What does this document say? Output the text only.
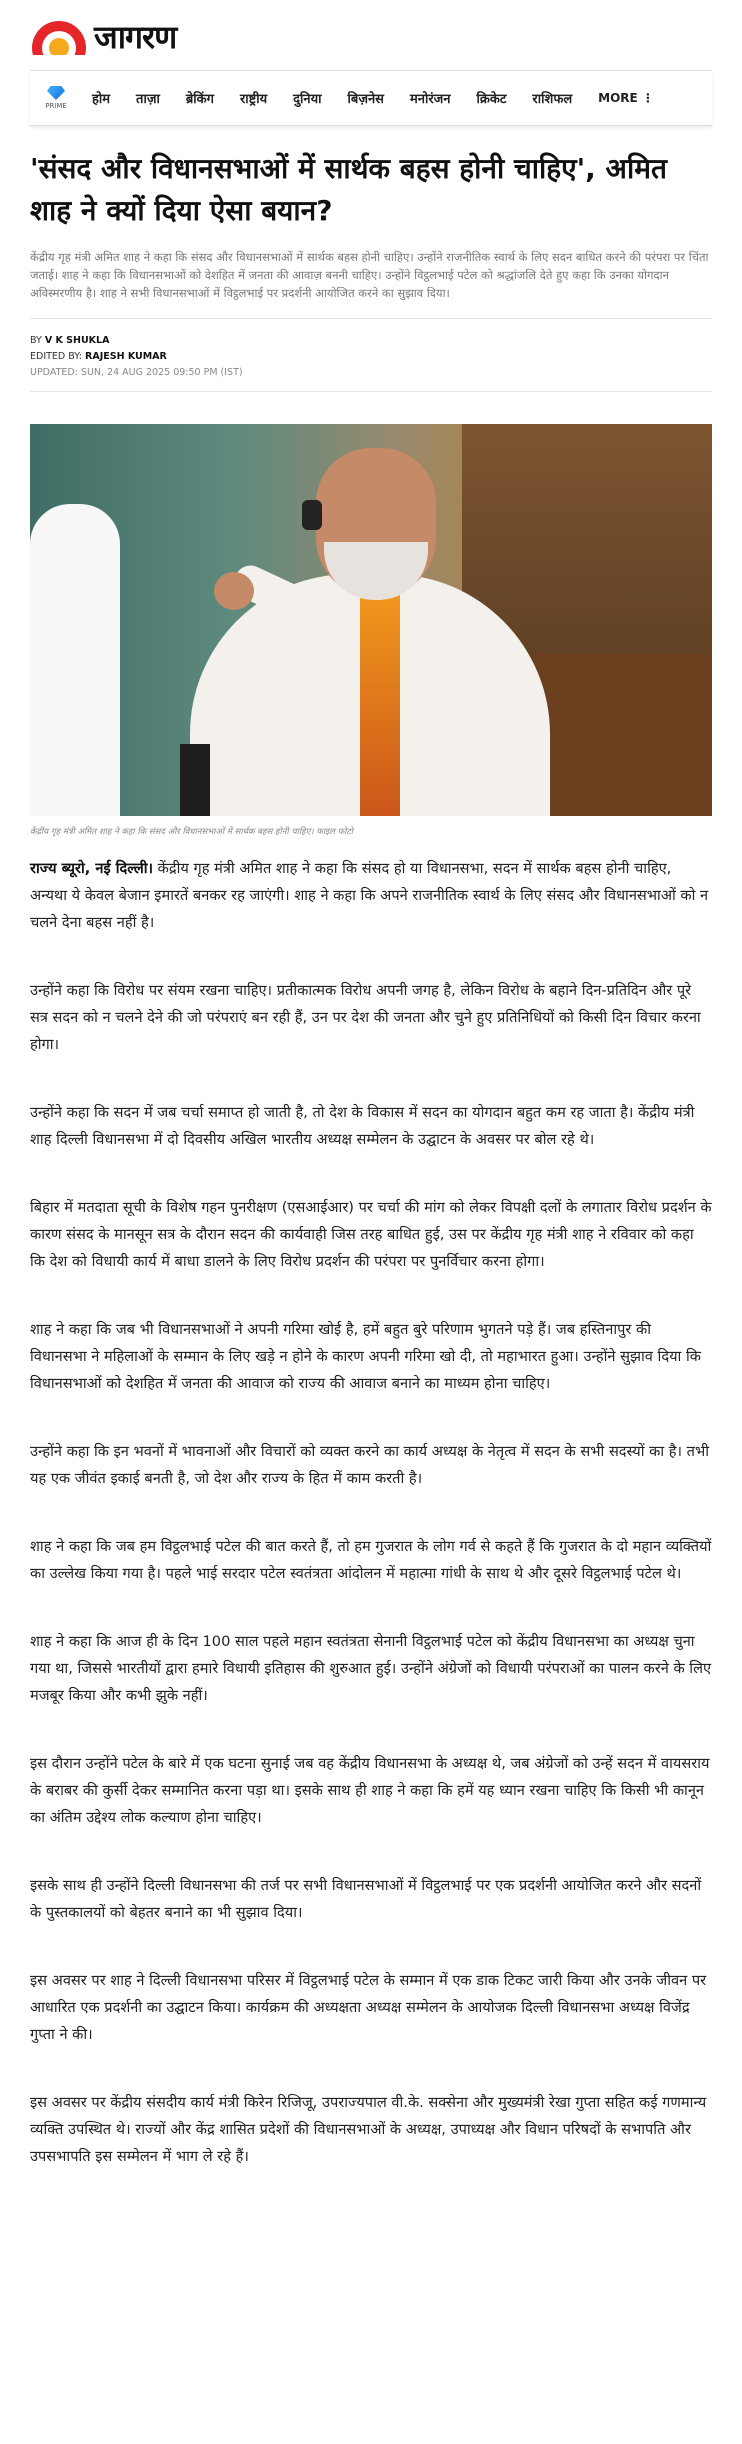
जागरण
PRIME होम ताज़ा ब्रेकिंग राष्ट्रीय दुनिया बिज़नेस मनोरंजन क्रिकेट राशिफल MORE ⋮
'संसद और विधानसभाओं में सार्थक बहस होनी चाहिए', अमित शाह ने क्यों दिया ऐसा बयान?

केंद्रीय गृह मंत्री अमित शाह ने कहा कि संसद और विधानसभाओं में सार्थक बहस होनी चाहिए। उन्होंने राजनीतिक स्वार्थ के लिए सदन बाधित करने की परंपरा पर चिंता जताई। शाह ने कहा कि विधानसभाओं को देशहित में जनता की आवाज़ बननी चाहिए। उन्होंने विट्ठलभाई पटेल को श्रद्धांजलि देते हुए कहा कि उनका योगदान अविस्मरणीय है। शाह ने सभी विधानसभाओं में विट्ठलभाई पर प्रदर्शनी आयोजित करने का सुझाव दिया।

BY V K SHUKLA
EDITED BY: RAJESH KUMAR
UPDATED: SUN, 24 AUG 2025 09:50 PM (IST)

केंद्रीय गृह मंत्री अमित शाह ने कहा कि संसद और विधानसभाओं में सार्थक बहस होनी चाहिए। फाइल फोटो

राज्य ब्यूरो, नई दिल्ली। केंद्रीय गृह मंत्री अमित शाह ने कहा कि संसद हो या विधानसभा, सदन में सार्थक बहस होनी चाहिए, अन्यथा ये केवल बेजान इमारतें बनकर रह जाएंगी। शाह ने कहा कि अपने राजनीतिक स्वार्थ के लिए संसद और विधानसभाओं को न चलने देना बहस नहीं है।

उन्होंने कहा कि विरोध पर संयम रखना चाहिए। प्रतीकात्मक विरोध अपनी जगह है, लेकिन विरोध के बहाने दिन-प्रतिदिन और पूरे सत्र सदन को न चलने देने की जो परंपराएं बन रही हैं, उन पर देश की जनता और चुने हुए प्रतिनिधियों को किसी दिन विचार करना होगा।

उन्होंने कहा कि सदन में जब चर्चा समाप्त हो जाती है, तो देश के विकास में सदन का योगदान बहुत कम रह जाता है। केंद्रीय मंत्री शाह दिल्ली विधानसभा में दो दिवसीय अखिल भारतीय अध्यक्ष सम्मेलन के उद्घाटन के अवसर पर बोल रहे थे।

बिहार में मतदाता सूची के विशेष गहन पुनरीक्षण (एसआईआर) पर चर्चा की मांग को लेकर विपक्षी दलों के लगातार विरोध प्रदर्शन के कारण संसद के मानसून सत्र के दौरान सदन की कार्यवाही जिस तरह बाधित हुई, उस पर केंद्रीय गृह मंत्री शाह ने रविवार को कहा कि देश को विधायी कार्य में बाधा डालने के लिए विरोध प्रदर्शन की परंपरा पर पुनर्विचार करना होगा।

शाह ने कहा कि जब भी विधानसभाओं ने अपनी गरिमा खोई है, हमें बहुत बुरे परिणाम भुगतने पड़े हैं। जब हस्तिनापुर की विधानसभा ने महिलाओं के सम्मान के लिए खड़े न होने के कारण अपनी गरिमा खो दी, तो महाभारत हुआ। उन्होंने सुझाव दिया कि विधानसभाओं को देशहित में जनता की आवाज को राज्य की आवाज बनाने का माध्यम होना चाहिए।

उन्होंने कहा कि इन भवनों में भावनाओं और विचारों को व्यक्त करने का कार्य अध्यक्ष के नेतृत्व में सदन के सभी सदस्यों का है। तभी यह एक जीवंत इकाई बनती है, जो देश और राज्य के हित में काम करती है।

शाह ने कहा कि जब हम विट्ठलभाई पटेल की बात करते हैं, तो हम गुजरात के लोग गर्व से कहते हैं कि गुजरात के दो महान व्यक्तियों का उल्लेख किया गया है। पहले भाई सरदार पटेल स्वतंत्रता आंदोलन में महात्मा गांधी के साथ थे और दूसरे विट्ठलभाई पटेल थे।

शाह ने कहा कि आज ही के दिन 100 साल पहले महान स्वतंत्रता सेनानी विट्ठलभाई पटेल को केंद्रीय विधानसभा का अध्यक्ष चुना गया था, जिससे भारतीयों द्वारा हमारे विधायी इतिहास की शुरुआत हुई। उन्होंने अंग्रेजों को विधायी परंपराओं का पालन करने के लिए मजबूर किया और कभी झुके नहीं।

इस दौरान उन्होंने पटेल के बारे में एक घटना सुनाई जब वह केंद्रीय विधानसभा के अध्यक्ष थे, जब अंग्रेजों को उन्हें सदन में वायसराय के बराबर की कुर्सी देकर सम्मानित करना पड़ा था। इसके साथ ही शाह ने कहा कि हमें यह ध्यान रखना चाहिए कि किसी भी कानून का अंतिम उद्देश्य लोक कल्याण होना चाहिए।

इसके साथ ही उन्होंने दिल्ली विधानसभा की तर्ज पर सभी विधानसभाओं में विट्ठलभाई पर एक प्रदर्शनी आयोजित करने और सदनों के पुस्तकालयों को बेहतर बनाने का भी सुझाव दिया।

इस अवसर पर शाह ने दिल्ली विधानसभा परिसर में विट्ठलभाई पटेल के सम्मान में एक डाक टिकट जारी किया और उनके जीवन पर आधारित एक प्रदर्शनी का उद्घाटन किया। कार्यक्रम की अध्यक्षता अध्यक्ष सम्मेलन के आयोजक दिल्ली विधानसभा अध्यक्ष विजेंद्र गुप्ता ने की।

इस अवसर पर केंद्रीय संसदीय कार्य मंत्री किरेन रिजिजू, उपराज्यपाल वी.के. सक्सेना और मुख्यमंत्री रेखा गुप्ता सहित कई गणमान्य व्यक्ति उपस्थित थे। राज्यों और केंद्र शासित प्रदेशों की विधानसभाओं के अध्यक्ष, उपाध्यक्ष और विधान परिषदों के सभापति और उपसभापति इस सम्मेलन में भाग ले रहे हैं।
